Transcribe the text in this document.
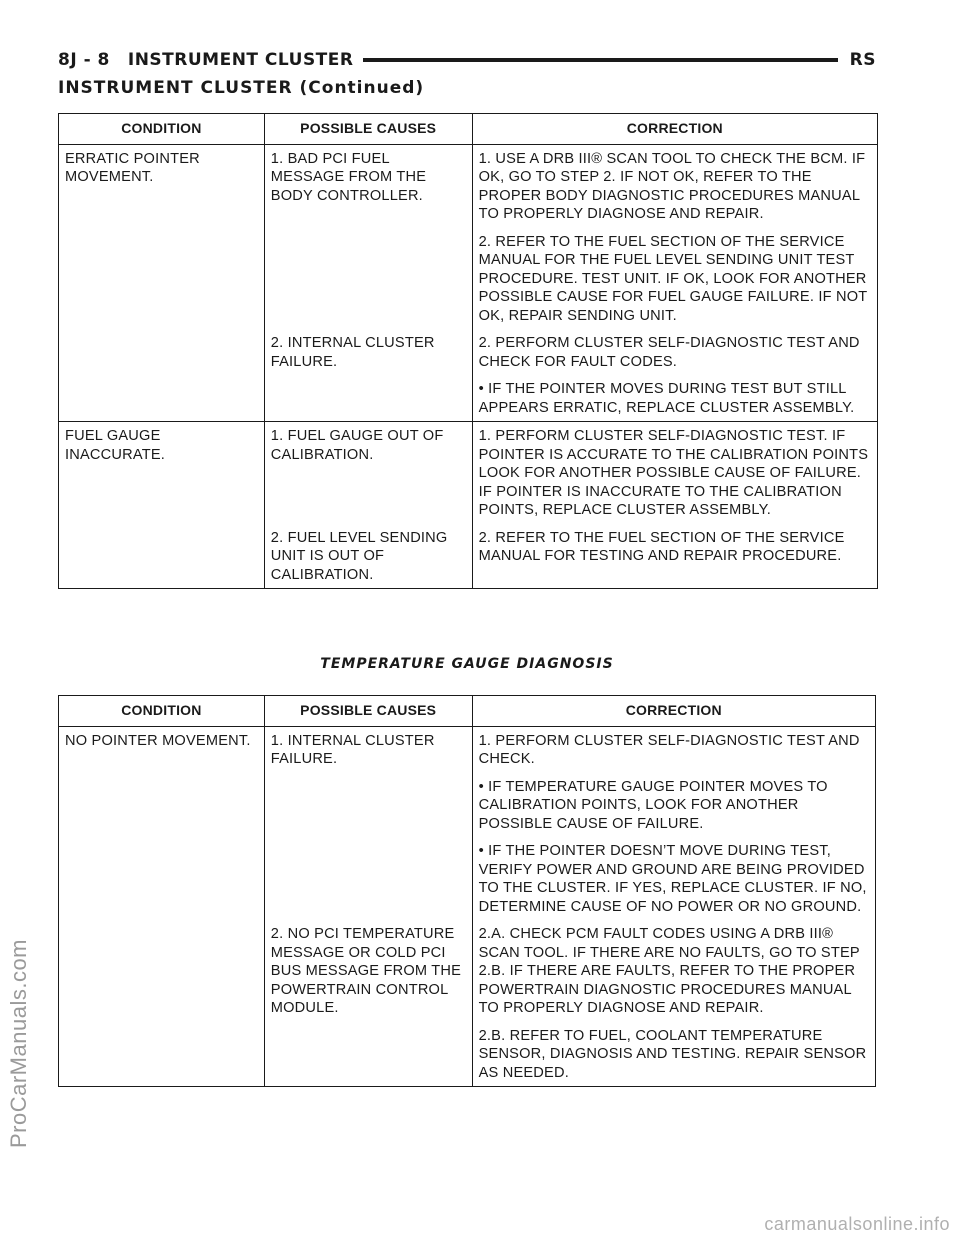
8J - 8 INSTRUMENT CLUSTER	RS
INSTRUMENT CLUSTER (Continued)
CONDITION	POSSIBLE CAUSES	CORRECTION
ERRATIC POINTER MOVEMENT.	1. BAD PCI FUEL MESSAGE FROM THE BODY CONTROLLER.	1. USE A DRB III® SCAN TOOL TO CHECK THE BCM. IF OK, GO TO STEP 2. IF NOT OK, REFER TO THE PROPER BODY DIAGNOSTIC PROCEDURES MANUAL TO PROPERLY DIAGNOSE AND REPAIR.

2. REFER TO THE FUEL SECTION OF THE SERVICE MANUAL FOR THE FUEL LEVEL SENDING UNIT TEST PROCEDURE. TEST UNIT. IF OK, LOOK FOR ANOTHER POSSIBLE CAUSE FOR FUEL GAUGE FAILURE. IF NOT OK, REPAIR SENDING UNIT.

	2. INTERNAL CLUSTER FAILURE.	2. PERFORM CLUSTER SELF-DIAGNOSTIC TEST AND CHECK FOR FAULT CODES.

• IF THE POINTER MOVES DURING TEST BUT STILL APPEARS ERRATIC, REPLACE CLUSTER ASSEMBLY.

FUEL GAUGE INACCURATE.	1. FUEL GAUGE OUT OF CALIBRATION.	1. PERFORM CLUSTER SELF-DIAGNOSTIC TEST. IF POINTER IS ACCURATE TO THE CALIBRATION POINTS LOOK FOR ANOTHER POSSIBLE CAUSE OF FAILURE. IF POINTER IS INACCURATE TO THE CALIBRATION POINTS, REPLACE CLUSTER ASSEMBLY.

	2. FUEL LEVEL SENDING UNIT IS OUT OF CALIBRATION.	2. REFER TO THE FUEL SECTION OF THE SERVICE MANUAL FOR TESTING AND REPAIR PROCEDURE.

TEMPERATURE GAUGE DIAGNOSIS
CONDITION	POSSIBLE CAUSES	CORRECTION
NO POINTER MOVEMENT.	1. INTERNAL CLUSTER FAILURE.	1. PERFORM CLUSTER SELF-DIAGNOSTIC TEST AND CHECK.

• IF TEMPERATURE GAUGE POINTER MOVES TO CALIBRATION POINTS, LOOK FOR ANOTHER POSSIBLE CAUSE OF FAILURE.

• IF THE POINTER DOESN’T MOVE DURING TEST, VERIFY POWER AND GROUND ARE BEING PROVIDED TO THE CLUSTER. IF YES, REPLACE CLUSTER. IF NO, DETERMINE CAUSE OF NO POWER OR NO GROUND.

	2. NO PCI TEMPERATURE MESSAGE OR COLD PCI BUS MESSAGE FROM THE POWERTRAIN CONTROL MODULE.	2.A. CHECK PCM FAULT CODES USING A DRB III® SCAN TOOL. IF THERE ARE NO FAULTS, GO TO STEP 2.B. IF THERE ARE FAULTS, REFER TO THE PROPER POWERTRAIN DIAGNOSTIC PROCEDURES MANUAL TO PROPERLY DIAGNOSE AND REPAIR.

2.B. REFER TO FUEL, COOLANT TEMPERATURE SENSOR, DIAGNOSIS AND TESTING. REPAIR SENSOR AS NEEDED.

ProCarManuals.com
carmanualsonline.info
